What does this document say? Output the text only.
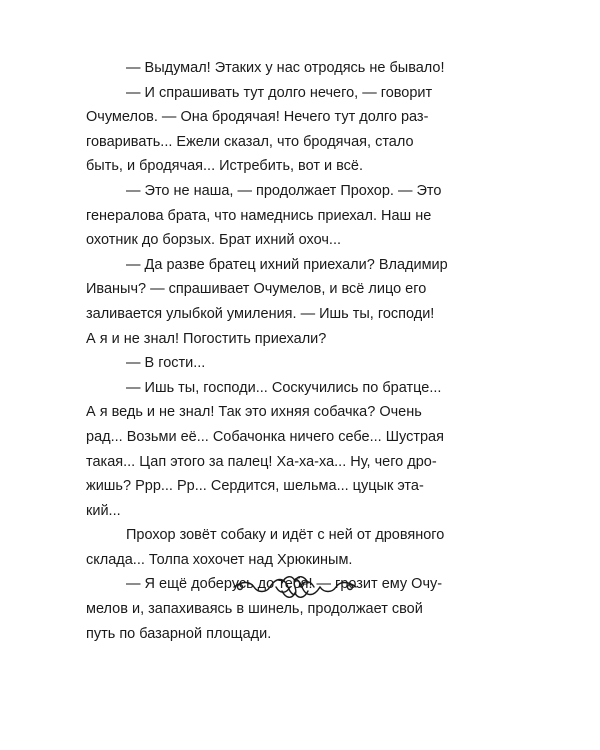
— Выдумал! Этаких у нас отродясь не бывало!

— И спрашивать тут долго нечего, — говорит
Очумелов. — Она бродячая! Нечего тут долго раз-
говаривать... Ежели сказал, что бродячая, стало
быть, и бродячая... Истребить, вот и всё.

— Это не наша, — продолжает Прохор. — Это
генералова брата, что намеднись приехал. Наш не
охотник до борзых. Брат ихний охоч...

— Да разве братец ихний приехали? Владимир
Иваныч? — спрашивает Очумелов, и всё лицо его
заливается улыбкой умиления. — Ишь ты, господи!
А я и не знал! Погостить приехали?

— В гости...

— Ишь ты, господи... Соскучились по братце...
А я ведь и не знал! Так это ихняя собачка? Очень
рад... Возьми её... Собачонка ничего себе... Шустрая
такая... Цап этого за палец! Ха-ха-ха... Ну, чего дро-
жишь? Ррр... Рр... Сердится, шельма... цуцык эта-
кий...

Прохор зовёт собаку и идёт с ней от дровяного
склада... Толпа хохочет над Хрюкиным.

— Я ещё доберусь до тебя! — грозит ему Очу-
мелов и, запахиваясь в шинель, продолжает свой
путь по базарной площади.
